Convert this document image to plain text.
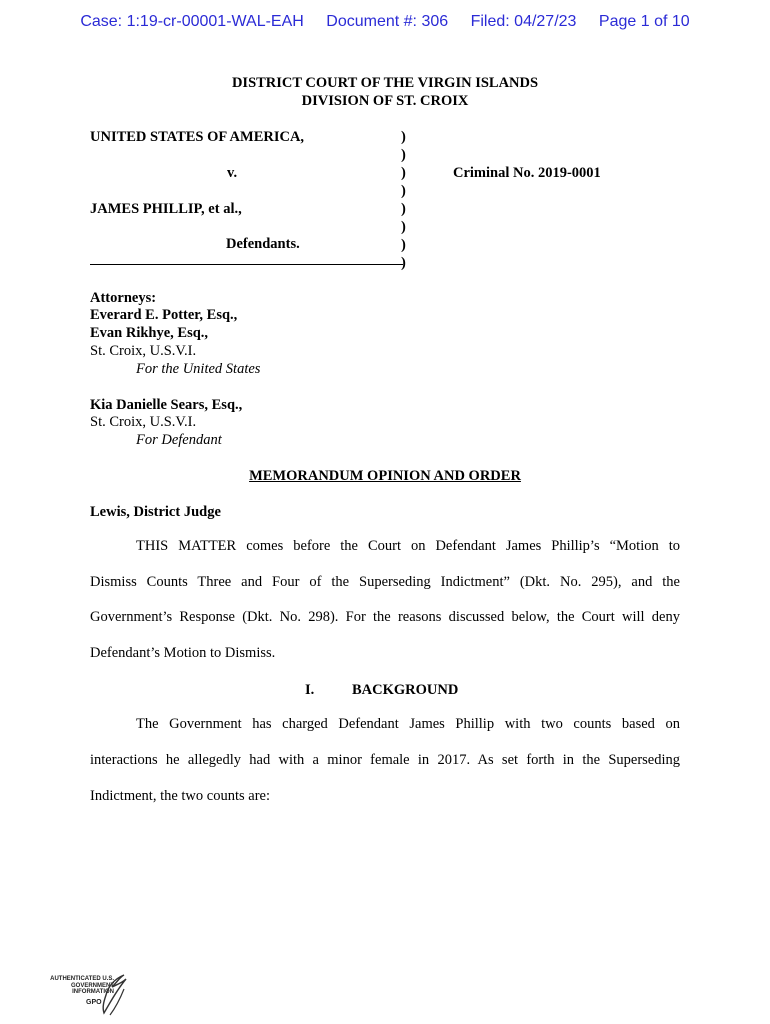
Case: 1:19-cr-00001-WAL-EAH Document #: 306 Filed: 04/27/23 Page 1 of 10
DISTRICT COURT OF THE VIRGIN ISLANDS
DIVISION OF ST. CROIX
UNITED STATES OF AMERICA,
v.
JAMES PHILLIP, et al.,
Defendants.
)
)
)
)
)
)
)
)
Criminal No. 2019-0001
Attorneys:
Everard E. Potter, Esq.,
Evan Rikhye, Esq.,
St. Croix, U.S.V.I.
For the United States
Kia Danielle Sears, Esq.,
St. Croix, U.S.V.I.
For Defendant
MEMORANDUM OPINION AND ORDER
Lewis, District Judge
THIS MATTER comes before the Court on Defendant James Phillip’s “Motion to
Dismiss Counts Three and Four of the Superseding Indictment” (Dkt. No. 295), and the
Government’s Response (Dkt. No. 298). For the reasons discussed below, the Court will deny
Defendant’s Motion to Dismiss.
I.	BACKGROUND
The Government has charged Defendant James Phillip with two counts based on
interactions he allegedly had with a minor female in 2017. As set forth in the Superseding
Indictment, the two counts are:
AUTHENTICATED U.S. GOVERNMENT INFORMATION
GPO
